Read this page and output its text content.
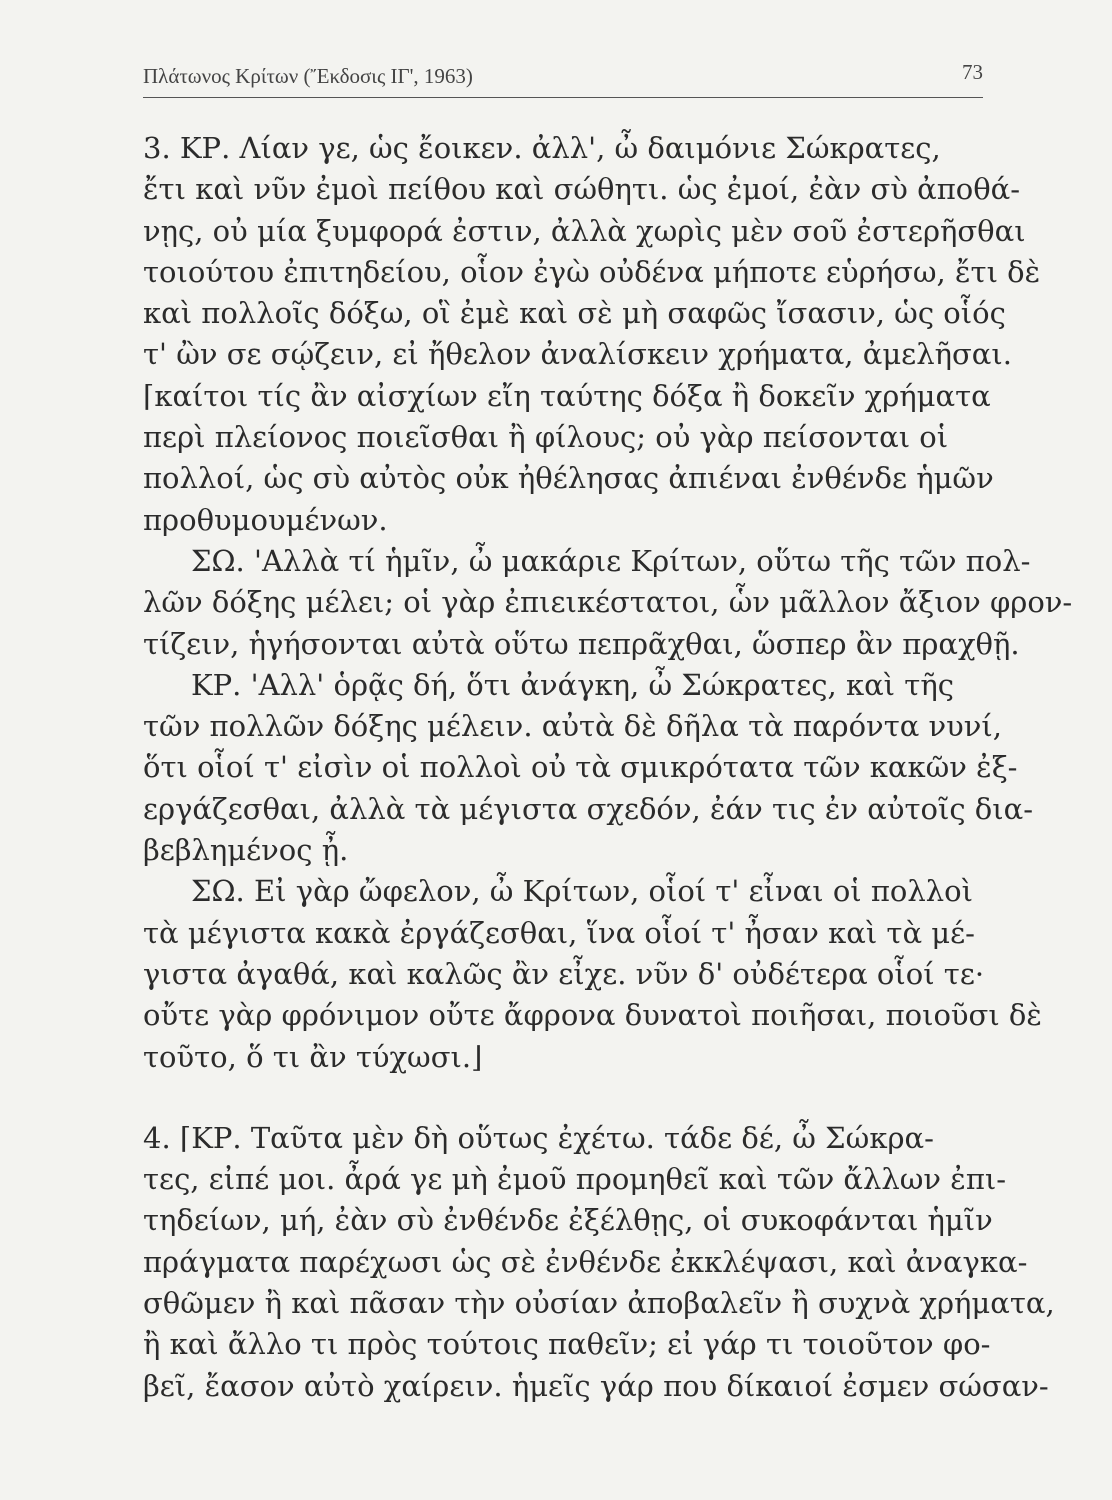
Πλάτωνος Κρίτων (Ἔκδοσις ΙΓ', 1963)	73
3. ΚΡ. Λίαν γε, ὡς ἔοικεν. ἀλλ', ὦ δαιμόνιε Σώκρατες,
ἔτι καὶ νῦν ἐμοὶ πείθου καὶ σώθητι. ὡς ἐμοί, ἐὰν σὺ ἀποθά-
νῃς, οὐ μία ξυμφορά ἐστιν, ἀλλὰ χωρὶς μὲν σοῦ ἐστερῆσθαι
τοιούτου ἐπιτηδείου, οἷον ἐγὼ οὐδένα μήποτε εὑρήσω, ἔτι δὲ
καὶ πολλοῖς δόξω, οἳ ἐμὲ καὶ σὲ μὴ σαφῶς ἴσασιν, ὡς οἷός
τ' ὢν σε σῴζειν, εἰ ἤθελον ἀναλίσκειν χρήματα, ἀμελῆσαι.
⌈καίτοι τίς ἂν αἰσχίων εἴη ταύτης δόξα ἢ δοκεῖν χρήματα
περὶ πλείονος ποιεῖσθαι ἢ φίλους; οὐ γὰρ πείσονται οἱ
πολλοί, ὡς σὺ αὐτὸς οὐκ ἠθέλησας ἀπιέναι ἐνθένδε ἡμῶν
προθυμουμένων.
ΣΩ. 'Αλλὰ τί ἡμῖν, ὦ μακάριε Κρίτων, οὕτω τῆς τῶν πολ-
λῶν δόξης μέλει; οἱ γὰρ ἐπιεικέστατοι, ὧν μᾶλλον ἄξιον φρον-
τίζειν, ἡγήσονται αὐτὰ οὕτω πεπρᾶχθαι, ὥσπερ ἂν πραχθῇ.
ΚΡ. 'Αλλ' ὁρᾷς δή, ὅτι ἀνάγκη, ὦ Σώκρατες, καὶ τῆς
τῶν πολλῶν δόξης μέλειν. αὐτὰ δὲ δῆλα τὰ παρόντα νυνί,
ὅτι οἷοί τ' εἰσὶν οἱ πολλοὶ οὐ τὰ σμικρότατα τῶν κακῶν ἐξ-
εργάζεσθαι, ἀλλὰ τὰ μέγιστα σχεδόν, ἐάν τις ἐν αὐτοῖς δια-
βεβλημένος ᾖ.
ΣΩ. Εἰ γὰρ ὤφελον, ὦ Κρίτων, οἷοί τ' εἶναι οἱ πολλοὶ
τὰ μέγιστα κακὰ ἐργάζεσθαι, ἵνα οἷοί τ' ἦσαν καὶ τὰ μέ-
γιστα ἀγαθά, καὶ καλῶς ἂν εἶχε. νῦν δ' οὐδέτερα οἷοί τε·
οὔτε γὰρ φρόνιμον οὔτε ἄφρονα δυνατοὶ ποιῆσαι, ποιοῦσι δὲ
τοῦτο, ὅ τι ἂν τύχωσι.⌋
4. ⌈ΚΡ. Ταῦτα μὲν δὴ οὕτως ἐχέτω. τάδε δέ, ὦ Σώκρα-
τες, εἰπέ μοι. ἆρά γε μὴ ἐμοῦ προμηθεῖ καὶ τῶν ἄλλων ἐπι-
τηδείων, μή, ἐὰν σὺ ἐνθένδε ἐξέλθῃς, οἱ συκοφάνται ἡμῖν
πράγματα παρέχωσι ὡς σὲ ἐνθένδε ἐκκλέψασι, καὶ ἀναγκα-
σθῶμεν ἢ καὶ πᾶσαν τὴν οὐσίαν ἀποβαλεῖν ἢ συχνὰ χρήματα,
ἢ καὶ ἄλλο τι πρὸς τούτοις παθεῖν; εἰ γάρ τι τοιοῦτον φο-
βεῖ, ἔασον αὐτὸ χαίρειν. ἡμεῖς γάρ που δίκαιοί ἐσμεν σώσαν-
